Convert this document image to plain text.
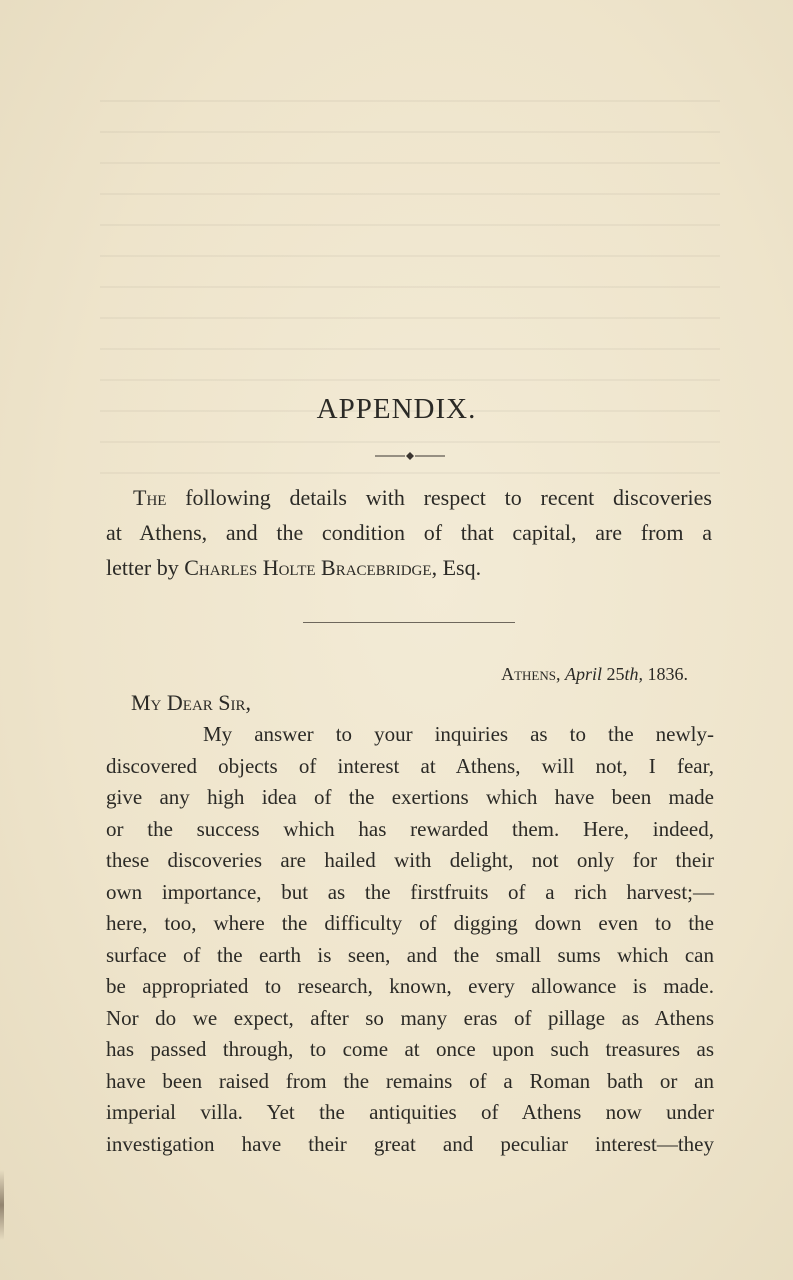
APPENDIX.
The following details with respect to recent discoveries
at Athens, and the condition of that capital, are from a
letter by Charles Holte Bracebridge, Esq.
Athens, April 25th, 1836.
My Dear Sir,
My answer to your inquiries as to the newly-
discovered objects of interest at Athens, will not, I fear,
give any high idea of the exertions which have been made
or the success which has rewarded them. Here, indeed,
these discoveries are hailed with delight, not only for their
own importance, but as the firstfruits of a rich harvest;—
here, too, where the difficulty of digging down even to the
surface of the earth is seen, and the small sums which can
be appropriated to research, known, every allowance is made.
Nor do we expect, after so many eras of pillage as Athens
has passed through, to come at once upon such treasures as
have been raised from the remains of a Roman bath or an
imperial villa. Yet the antiquities of Athens now under
investigation have their great and peculiar interest—they
